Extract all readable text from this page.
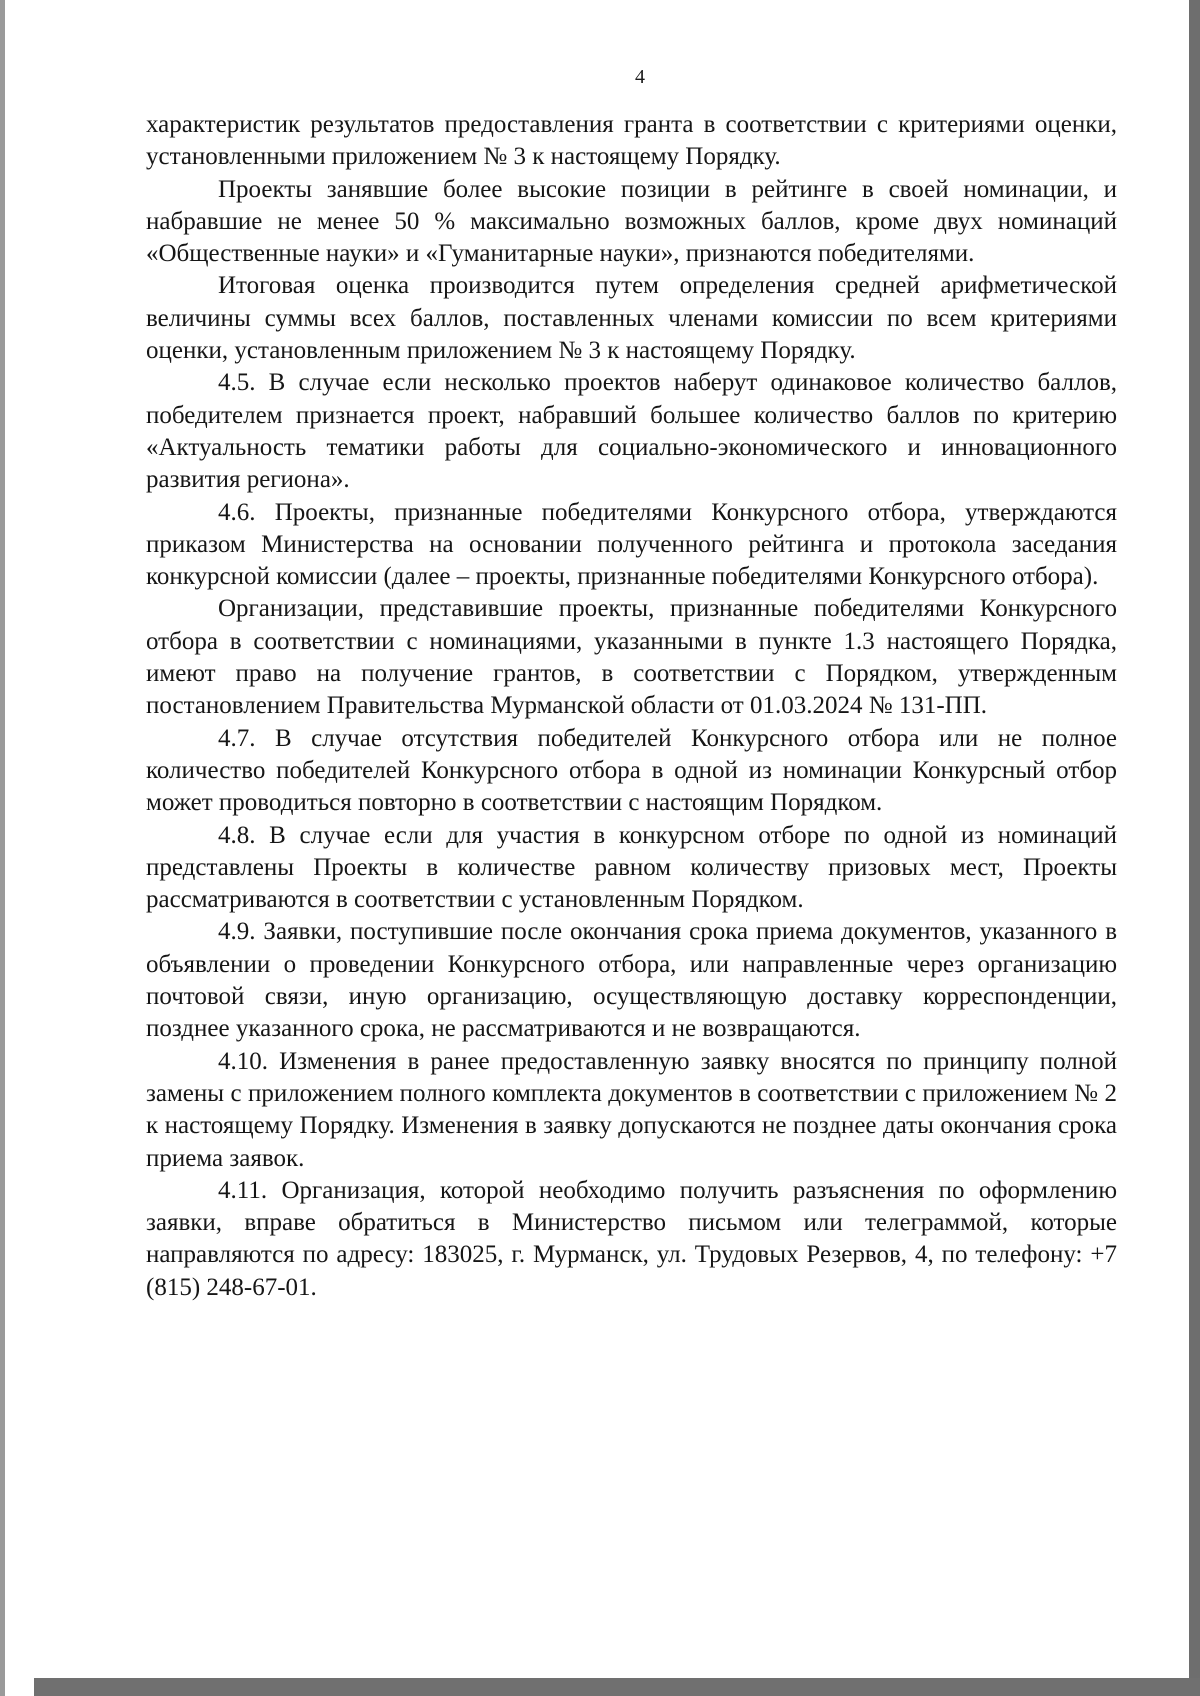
4

характеристик результатов предоставления гранта в соответствии с критериями оценки, установленными приложением № 3 к настоящему Порядку.

Проекты занявшие более высокие позиции в рейтинге в своей номинации, и набравшие не менее 50 % максимально возможных баллов, кроме двух номинаций «Общественные науки» и «Гуманитарные науки», признаются победителями.

Итоговая оценка производится путем определения средней арифметической величины суммы всех баллов, поставленных членами комиссии по всем критериями оценки, установленным приложением № 3 к настоящему Порядку.

4.5. В случае если несколько проектов наберут одинаковое количество баллов, победителем признается проект, набравший большее количество баллов по критерию «Актуальность тематики работы для социально-экономического и инновационного развития региона».

4.6. Проекты, признанные победителями Конкурсного отбора, утверждаются приказом Министерства на основании полученного рейтинга и протокола заседания конкурсной комиссии (далее – проекты, признанные победителями Конкурсного отбора).

Организации, представившие проекты, признанные победителями Конкурсного отбора в соответствии с номинациями, указанными в пункте 1.3 настоящего Порядка, имеют право на получение грантов, в соответствии с Порядком, утвержденным постановлением Правительства Мурманской области от 01.03.2024 № 131-ПП.

4.7. В случае отсутствия победителей Конкурсного отбора или не полное количество победителей Конкурсного отбора в одной из номинации Конкурсный отбор может проводиться повторно в соответствии с настоящим Порядком.

4.8. В случае если для участия в конкурсном отборе по одной из номинаций представлены Проекты в количестве равном количеству призовых мест, Проекты рассматриваются в соответствии с установленным Порядком.

4.9. Заявки, поступившие после окончания срока приема документов, указанного в объявлении о проведении Конкурсного отбора, или направленные через организацию почтовой связи, иную организацию, осуществляющую доставку корреспонденции, позднее указанного срока, не рассматриваются и не возвращаются.

4.10. Изменения в ранее предоставленную заявку вносятся по принципу полной замены с приложением полного комплекта документов в соответствии с приложением № 2 к настоящему Порядку. Изменения в заявку допускаются не позднее даты окончания срока приема заявок.

4.11. Организация, которой необходимо получить разъяснения по оформлению заявки, вправе обратиться в Министерство письмом или телеграммой, которые направляются по адресу: 183025, г. Мурманск, ул. Трудовых Резервов, 4, по телефону: +7 (815) 248-67-01.
